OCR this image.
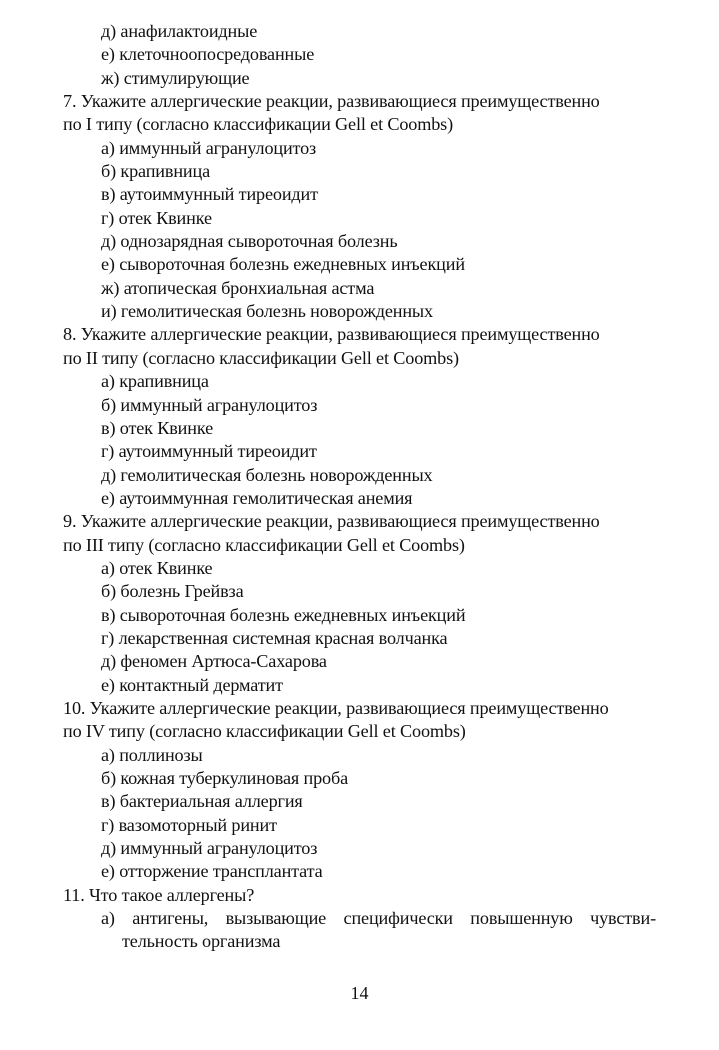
д) анафилактоидные
е) клеточноопосредованные
ж) стимулирующие
7. Укажите аллергические реакции, развивающиеся преимущественно
по I типу (согласно классификации Gell et Coombs)
а) иммунный агранулоцитоз
б) крапивница
в) аутоиммунный тиреоидит
г) отек Квинке
д) однозарядная сывороточная болезнь
е) сывороточная болезнь ежедневных инъекций
ж) атопическая бронхиальная астма
и) гемолитическая болезнь новорожденных
8. Укажите аллергические реакции, развивающиеся преимущественно
по II типу (согласно классификации Gell et Coombs)
а) крапивница
б) иммунный агранулоцитоз
в) отек Квинке
г) аутоиммунный тиреоидит
д) гемолитическая болезнь новорожденных
е) аутоиммунная гемолитическая анемия
9. Укажите аллергические реакции, развивающиеся преимущественно
по III типу (согласно классификации Gell et Coombs)
а) отек Квинке
б) болезнь Грейвза
в) сывороточная болезнь ежедневных инъекций
г) лекарственная системная красная волчанка
д) феномен Артюса-Сахарова
е) контактный дерматит
10. Укажите аллергические реакции, развивающиеся преимущественно
по IV типу (согласно классификации Gell et Coombs)
а) поллинозы
б) кожная туберкулиновая проба
в) бактериальная аллергия
г) вазомоторный ринит
д) иммунный агранулоцитоз
е) отторжение трансплантата
11. Что такое аллергены?
а) антигены, вызывающие специфически повышенную чувстви-
тельность организма
14
